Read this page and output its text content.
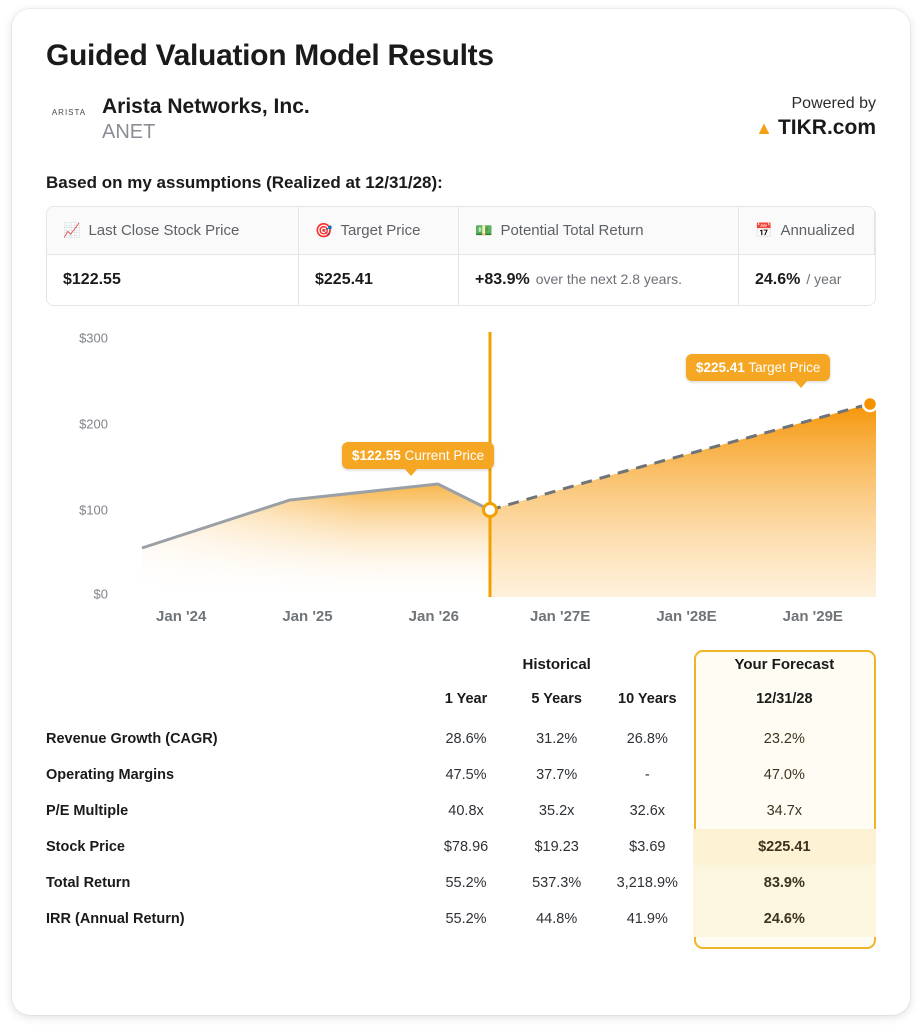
Guided Valuation Model Results
ARISTA Arista Networks, Inc.
ANET
Powered by
▲ TIKR.com
Based on my assumptions (Realized at 12/31/28):
📈 Last Close Stock Price	🎯 Target Price	💵 Potential Total Return	📅 Annualized
$122.55	$225.41	+83.9% over the next 2.8 years.	24.6% / year
$300
$200
$100
$0
$122.55 Current Price
$225.41 Target Price
Jan '24	Jan '25	Jan '26	Jan '27E	Jan '28E	Jan '29E
	Historical			Your Forecast
	1 Year	5 Years	10 Years	12/31/28
Revenue Growth (CAGR)	28.6%	31.2%	26.8%	23.2%
Operating Margins	47.5%	37.7%	-	47.0%
P/E Multiple	40.8x	35.2x	32.6x	34.7x
Stock Price	$78.96	$19.23	$3.69	$225.41
Total Return	55.2%	537.3%	3,218.9%	83.9%
IRR (Annual Return)	55.2%	44.8%	41.9%	24.6%
